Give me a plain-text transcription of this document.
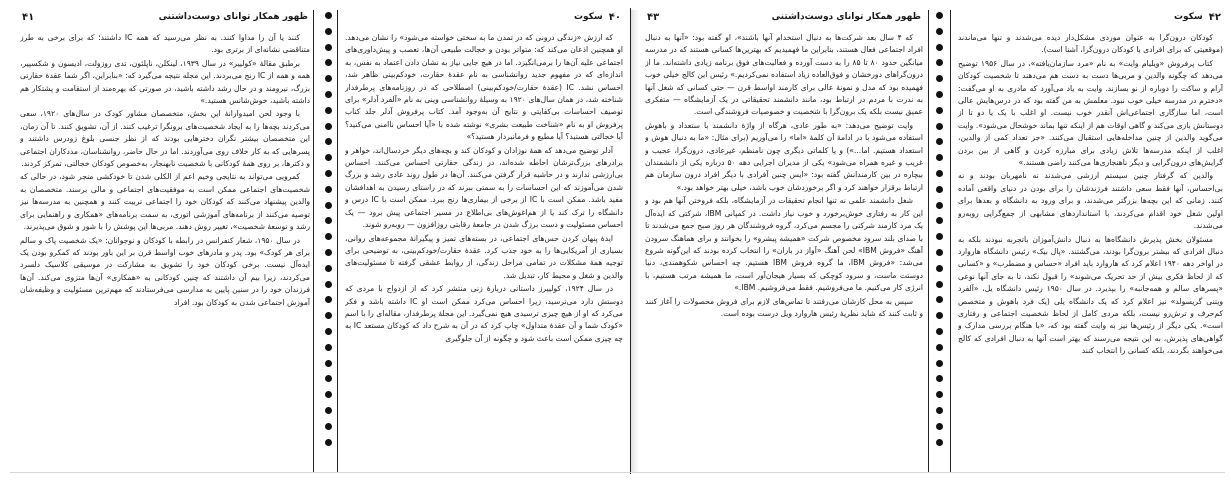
ظهور همکار توانای دوست‌داشتنی
۴۱

کنند یا آن را مداوا کنند. به نظر می‌رسید که همه IC داشتند؛ که برای برخی به طرز متناقضی نشانه‌ای از برتری بود.

برطبق مقالهٔ «کولییر» در سال ۱۹۳۹، لینکلن، ناپلئون، تدی روزولت، ادیسون و شکسپیر، همه و همه از IC رنج می‌بردند. این مجله نتیجه می‌گیرد که: «بنابراین، اگر شما عقدهٔ حقارتی بزرگ، نیرومند و در حال رشد داشته باشید، در صورتی که بهره‌مند از استقامت و پشتکار هم داشته باشید، خوش‌شانس هستید.»

با وجود لحن امیدوارانهٔ این بخش، متخصصان مشاور کودک در سال‌های ۱۹۲۰، سعی می‌کردند بچه‌ها را به ایجاد شخصیت‌های برونگرا ترغیب کنند. از آن، تشویق کنند. تا آن زمان، این متخصصان بیشتر نگران دخترهایی بودند که از نظر جنسی بلوغ زودرس داشتند و پسرهایی که به کار خلاف روی می‌آوردند. اما در حال حاضر، روانشناسان، مددکاران اجتماعی و دکترها، بر روی همهٔ کودکانی با شخصیت نابهنجار، به‌خصوص کودکان خجالتی، تمرکز کردند.

کمرویی می‌تواند به نتایجی وخیم اعم از الکلی شدن تا خودکشی منجر شود، در حالی که شخصیت‌های اجتماعی ممکن است به موفقیت‌های اجتماعی و مالی برسند. متخصصان به والدین پیشنهاد می‌کنند که کودکان خود را اجتماعی تربیت کنند و همچنین به مدرسه‌ها نیز توصیه می‌کنند از برنامه‌های آموزشی اتوری، به سمت برنامه‌های «همکاری و راهنمایی برای رشد و توسعهٔ شخصیت»، تغییر روش دهند. مربی‌ها این پوشش را با شور و شوق می‌پذیرند.

در سال ۱۹۵۰، شعار کنفرانس در رابطه با کودکان و نوجوانان: «یک شخصیت پاک و سالم برای هر کودک» بود. پدر و مادرهای خوب اواسط قرن بر این باور بودند که کمکرو بودن یک ایده‌آل نیست. برخی کودکان خود را تشویق به مشارکت در موسیقی کلاسیک دلسرد می‌کردند، زیرا بیم آن داشتند که چنین کودکانی به «همکاری» آن‌ها متزوی می‌کند. آن‌ها فرزندان خود را در سنین پایین به مدارسی می‌فرستادند که مهم‌ترین مسئولیت و وظیفه‌شان آموزش اجتماعی شدن به کودکان بود. افراد

۴۰
سکوت

که ارزش «زندگی درونی که در تمدن ما به سختی خواسته می‌شود» را نشان می‌دهد. او همچنین اذعان می‌کند که: متواتر بودن و خجالت طبیعی آن‌ها، تعصب و پیش‌داوری‌های اجتماعی علیه آن‌ها را برمی‌انگیزد. اما در هیچ جایی نیاز به نشان دادن اعتماد به نفس، به اندازه‌ای که در مفهوم جدید روانشناسی به نام عقدهٔ حقارت، خودکم‌بینی ظاهر شد، احساس نشد. IC (عقدهٔ حقارت/خودکم‌بینی) اصطلاحی که در روزنامه‌های پرطرفدار شناخته شد، در همان سال‌های ۱۹۲۰ به وسیلهٔ روانشناسی وینی به نام «آلفرد آدلر» برای توصیف احساسات بی‌کفایتی و نتایج آن به‌وجود آمد. کتاب پرفروش آدلر جلد کتاب پرفروش او به نام «شناخت طبیعت بشری» نوشته شده با «آیا احساس ناامنی می‌کنید؟ آیا خجالتی هستید؟ آیا مطیع و فرمانبردار هستید؟»

آدلر توضیح می‌دهد که همهٔ نوزادان و کودکان کند و بچه‌های دیگر خردسال‌اند، خواهر و برادرهای بزرگ‌ترشان احاطه شده‌اند، در زندگی حقارتی احساس می‌کنند. احساس بی‌ارزشی ندارند و در حاشیه قرار گرفتن می‌کنند. آن‌ها در طول روند عادی رشد و بزرگ شدن می‌آموزند که این احساسات را به سمتی ببرند که در راستای رسیدن به اهدافشان مفید باشد. ممکن است با IC از برخی از بیماری‌ها رنج ببرد. ممکن است با IC درس و دانشگاه را ترک کند یا از هم‌اغوش‌های بی‌اطلاع در مسیر اجتماعی پیش برود — یک احساس مسئولیت و دست برزگ شدن در جامعهٔ رقابتی روزافزون — رو‌به‌رو شوند.

ایدهٔ پنهان کردن حس‌های اجتماعی، در بسته‌های تمیز و پیگیرانهٔ مجموعه‌های روانی، بسیاری از آمریکایی‌ها را به خود جذب کرد. عقدهٔ حقارت/خودکم‌بینی، به توضیحی برای توجیه همهٔ مشکلات در تمامی مراحل زندگی، از روابط عشقی گرفته تا مسئولیت‌های والدین و شغل و محیط کار، تبدیل شد.

در سال ۱۹۲۴، کولییرز داستانی دربارهٔ زنی منتشر کرد که از ازدواج با مردی که دوستش دارد می‌ترسید، زیرا احساس می‌کرد ممکن است او IC داشته باشد و فکر می‌کرد که او از هیچ چیزی ترسیدی هیچ نمی‌گیرد. این مجلهٔ پرطرفدار، مقاله‌ای را با اسم «کودک شما و آن عقدهٔ متداول» چاپ کرد که در آن به شرح داد که کودکان مستعد IC به چه چیزی ممکن است باعث شود و چگونه از آن جلوگیری

ظهور همکار توانای دوست‌داشتنی
۴۳

که ۴ سال بعد شرکت‌ها به دنبال استخدام آنها باشند»، او گفته بود: «آنها به دنبال افراد اجتماعی فعال هستند، بنابراین ما فهمیدیم که بهترین‌ها کسانی هستند که در مدرسه میانگین حدود ۸۰ تا ۸۵ را به دست آورده و فعالیت‌های فوق برنامه زیادی داشته‌اند. ما از درون‌گراهای دورخشان و فوق‌العاده زیاد استفاده نمی‌کردیم.» رئیس این کالج خیلی خوب فهمیده بود که مدل و نمونهٔ عالی برای کارمند اواسط قرن — حتی کسانی که شغل آنها به ندرت با مردم در ارتباط بود، مانند دانشمند تحقیقاتی در یک آزمایشگاه — متفکری عمیق نیست بلکه یک برون‌گرا با شخصیت و خصوصیات فروشندگی است.

وایت توضیح می‌دهد: «به طور عادی، هرگاه از واژهٔ دانشمند با ستعداد و باهوش استفاده می‌شود با در ادامهٔ آن کلمهٔ «اما» را می‌آوریم (برای مثال: «ما به دنبال هوش و استعداد هستیم. اما...») و یا کلماتی دیگری چون نامنظم، غیرعادی، درون‌گرا، عجیب و غریب و غیره همراه می‌شود» یکی از مدیران اجرایی دهه ۵۰ درباره یکی از دانشمندان بیچاره در بین کارمندانش گفته بود: «ایس چنین آفرادی با دیگر افراد درون سازمان هم ارتباط برقرار خواهند کرد و اگر برخوردشان خوب باشد، خیلی بهتر خواهد بود.»

شغل دانشمند علمی نه تنها انجام تحقیقات در آزمایشگاه، بلکه فروختن آنها هم بود و این کار به رفتاری خوش‌برخورد و خوب نیاز داشت. در کمپانی IBM، شرکتی که ایده‌آل یک مرد کارمند شرکتی را مجسم می‌کرد، گروه فروشندگان هر روز صبح جمع می‌شدند تا با صدای بلند سرود مخصوص شرکت «همیشه پیشرو» را بخوانند و برای هماهنگ سرودن آهنگ «فروش IBM» لحن آهنگ «آواز در باران» را انتخاب کرده بودند که این‌گونه شروع می‌شد: «فروش IBM، ما گروه فروش IBM هستیم. چه احساس شکوهمندی، دنیا دوستت ماست، و سرود کوچکی که بسیار هیجان‌آور است، ما همیشه مرتب هستیم، با انرژی کار می‌کنیم. ما می‌فروشیم. فقط می‌فروشیم. IBM.»

سپس به محل کارشان می‌رفتند تا تماس‌های لازم برای فروش محصولات را آغاز کنند و ثابت کنند که شاید نظریهٔ رئیس هاروارد ویل درست بوده است.

۴۲
سکوت

کودکان درون‌گرا به عنوان موردی مشکل‌دار دیده می‌شدند و تنها می‌ماندند (موقعیتی که برای افرادی یا کودکان درون‌گرا، آشنا است).

کتاب پرفروش «ویلیام وایت» به نام «مرد سازمان‌یافته»، در سال ۱۹۵۶ توضیح می‌دهد که چگونه والدین و مربی‌ها دست به دست هم می‌دهند تا شخصیت کودکان آرام و ساکت را دوباره از نو بسازند. وایت به یاد می‌آورد که مادری به او می‌گفت: «دخترم در مدرسه خیلی خوب نبود. معلمش به من گفته بود که در درس‌هایش عالی است، اما سازگاری اجتماعی‌اش آنقدر خوب نیست. او اغلب با یک یا دو تا از دوستانش بازی می‌کند و گاهی اوقات هم از اینکه تنها بماند خوشحال می‌شود». وایت می‌گوید والدین از چنین مداخله‌هایی استقبال می‌کنند. «جز تعداد کمی از والدین، اغلب از اینکه مدرسه‌ها تلاش زیادی برای مبارزه کردن و گاهی از بین بردن گرایش‌های درون‌گرایی و دیگر ناهنجاری‌ها می‌کنند راضی هستند.»

والدین که گرفتار چنین سیستم ارزشی می‌شدند نه نامهربان بودند و نه بی‌احساس، آنها فقط سعی داشتند فرزندشان را برای بودن در دنیای واقعی آماده کنند. زمانی که این بچه‌ها بزرگتر می‌شدند، و برای ورود به دانشگاه و بعدها برای اولین شغل خود اقدام می‌کردند، با استانداردهای مشابهی از جمع‌گرایی روبه‌رو می‌شدند.

مسئولان بخش پذیرش دانشگاه‌ها به دنبال دانش‌آموزان باتجربه نبودند بلکه به دنبال افرادی که بیشتر برون‌گرا بودند، می‌گشتند. «پال بیک» رئیس دانشگاه هاروارد در اواخر دهه ۱۹۴۰ اعلام کرد که هاروارد باید افراد «حساس و مضطرب» و «کسانی که از لحاظ فکری بیش از حد تحریک می‌شوند» را قبول نکند، تا به جای آنها نوعی «پسرهای سالم و همه‌جانبه» را بپذیرد. در سال ۱۹۵۰ رئیس دانشگاه یل، «آلفرد ویتنی گریسولد» نیز اعلام کرد که یک دانشگاه یلی (یک فرد باهوش و متخصص کم‌حرف و ترش‌رو نیست، بلکه مردی کامل از لحاظ شخصیت اجتماعی و رفتاری است». یکی دیگر از رئیس‌ها نیز به وایت گفته بود که، «با هنگام بررسی مدارک و گواهی‌های پذیرش، به این نتیجه می‌رسند که بهتر است آنها به دنبال افرادی که کالج می‌خواهند بگردند، بلکه کسانی را انتخاب کنند
